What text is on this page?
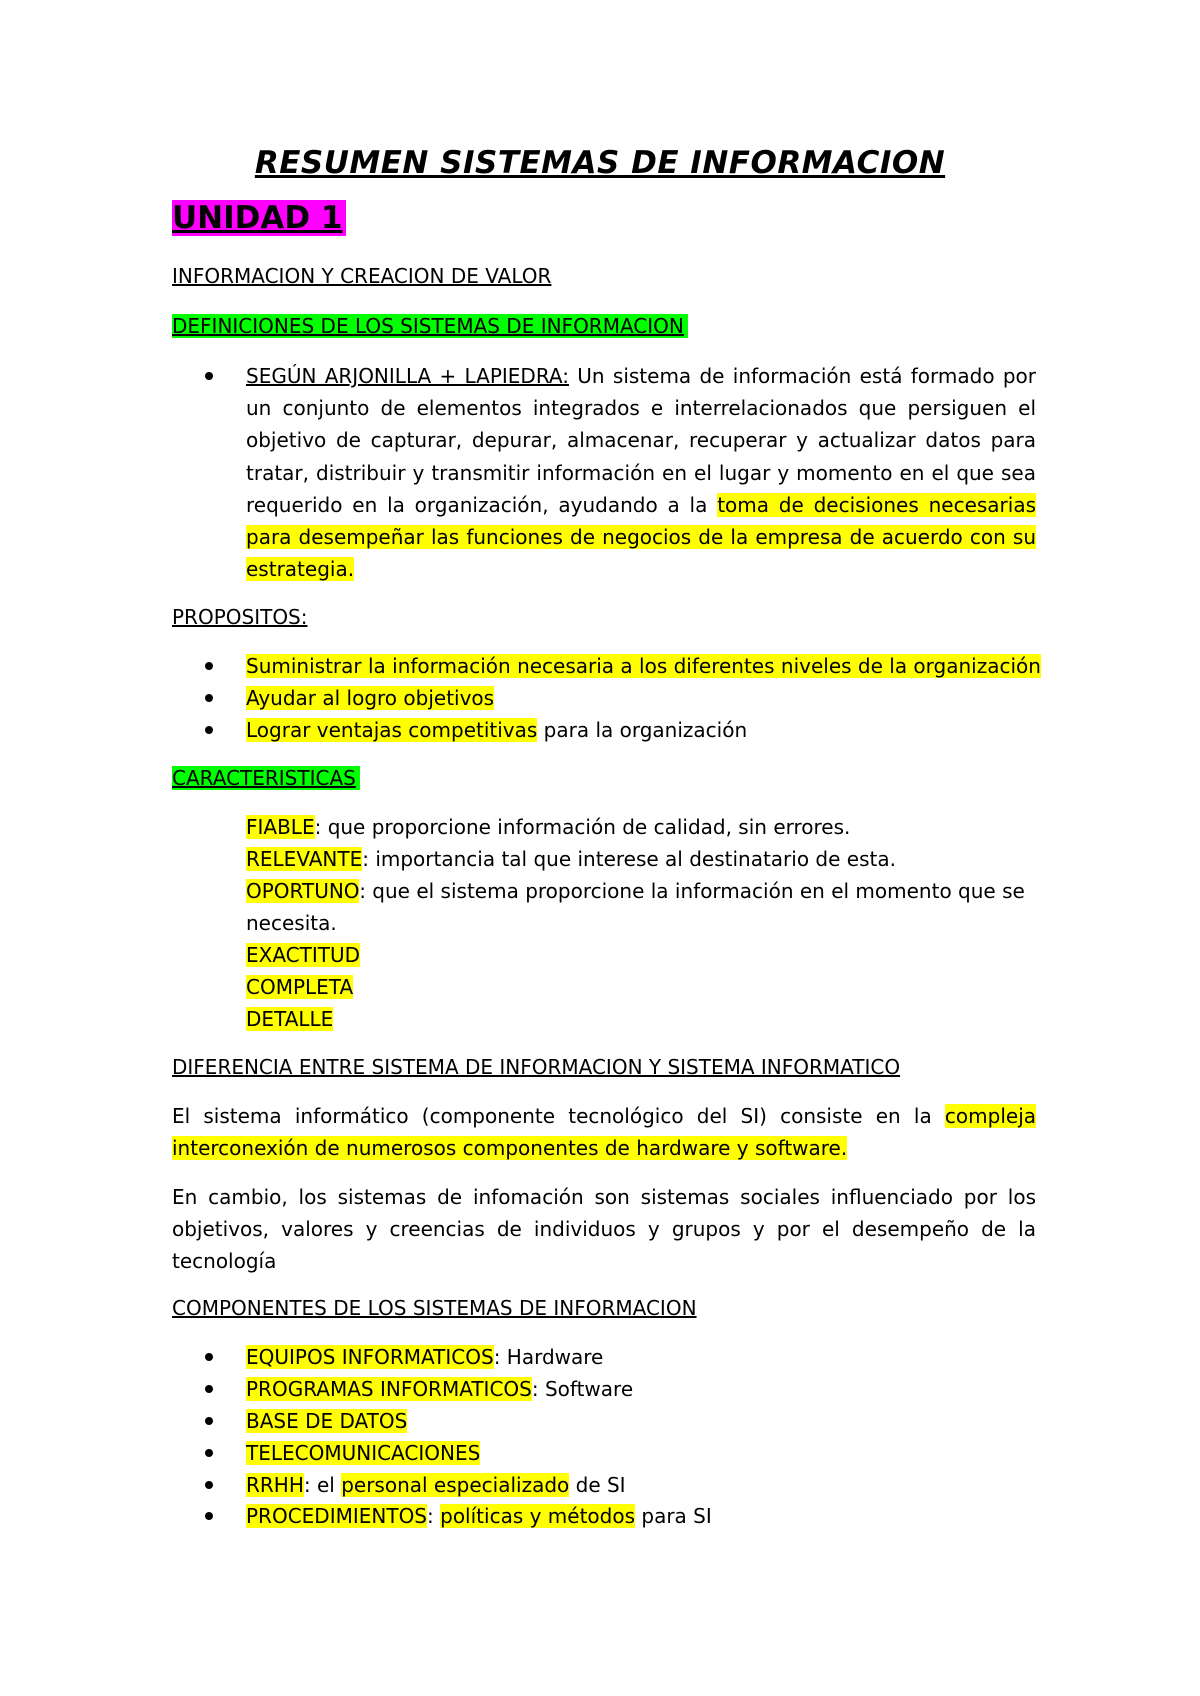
RESUMEN SISTEMAS DE INFORMACION
UNIDAD 1
INFORMACION Y CREACION DE VALOR
DEFINICIONES DE LOS SISTEMAS DE INFORMACION
SEGÚN ARJONILLA + LAPIEDRA: Un sistema de información está formado por un conjunto de elementos integrados e interrelacionados que persiguen el objetivo de capturar, depurar, almacenar, recuperar y actualizar datos para tratar, distribuir y transmitir información en el lugar y momento en el que sea requerido en la organización, ayudando a la toma de decisiones necesarias para desempeñar las funciones de negocios de la empresa de acuerdo con su estrategia.
PROPOSITOS:
Suministrar la información necesaria a los diferentes niveles de la organización
Ayudar al logro objetivos
Lograr ventajas competitivas para la organización
CARACTERISTICAS
FIABLE: que proporcione información de calidad, sin errores.
RELEVANTE: importancia tal que interese al destinatario de esta.
OPORTUNO: que el sistema proporcione la información en el momento que se
necesita.
EXACTITUD
COMPLETA
DETALLE
DIFERENCIA ENTRE SISTEMA DE INFORMACION Y SISTEMA INFORMATICO
El sistema informático (componente tecnológico del SI) consiste en la compleja interconexión de numerosos componentes de hardware y software.
En cambio, los sistemas de infomación son sistemas sociales influenciado por los objetivos, valores y creencias de individuos y grupos y por el desempeño de la tecnología
COMPONENTES DE LOS SISTEMAS DE INFORMACION
EQUIPOS INFORMATICOS: Hardware
PROGRAMAS INFORMATICOS: Software
BASE DE DATOS
TELECOMUNICACIONES
RRHH: el personal especializado de SI
PROCEDIMIENTOS: políticas y métodos para SI
